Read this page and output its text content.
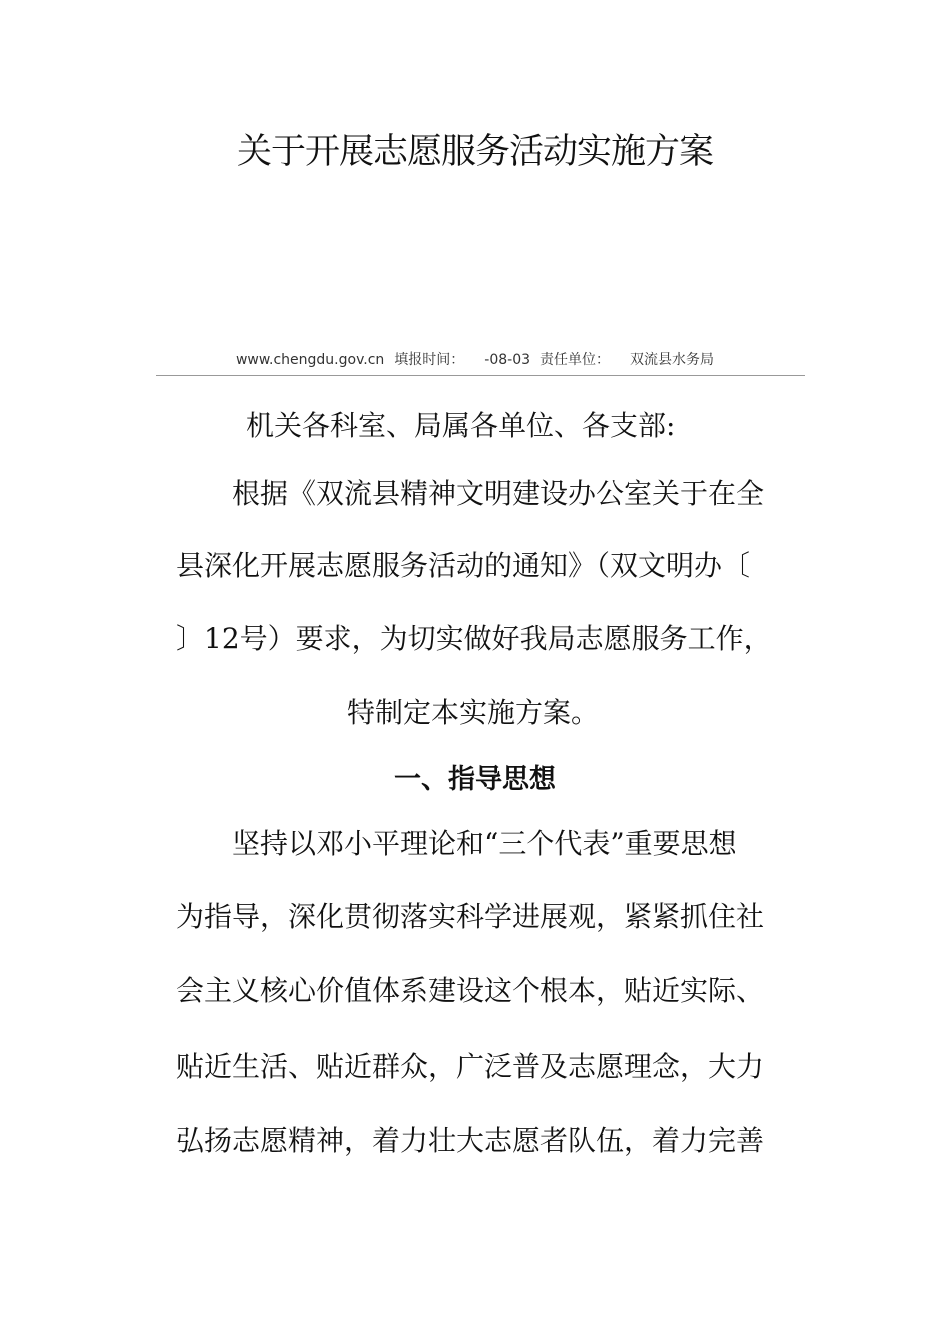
关于开展志愿服务活动实施方案
www.chengdu.gov.cn 填报时间： -08-03 责任单位： 双流县水务局
机关各科室、局属各单位、各支部:
根据《双流县精神文明建设办公室关于在全
县深化开展志愿服务活动的通知》（双文明办〔
〕12号）要求，为切实做好我局志愿服务工作，
特制定本实施方案。
一、指导思想
坚持以邓小平理论和“三个代表”重要思想
为指导，深化贯彻落实科学进展观，紧紧抓住社
会主义核心价值体系建设这个根本，贴近实际、
贴近生活、贴近群众，广泛普及志愿理念，大力
弘扬志愿精神，着力壮大志愿者队伍，着力完善
